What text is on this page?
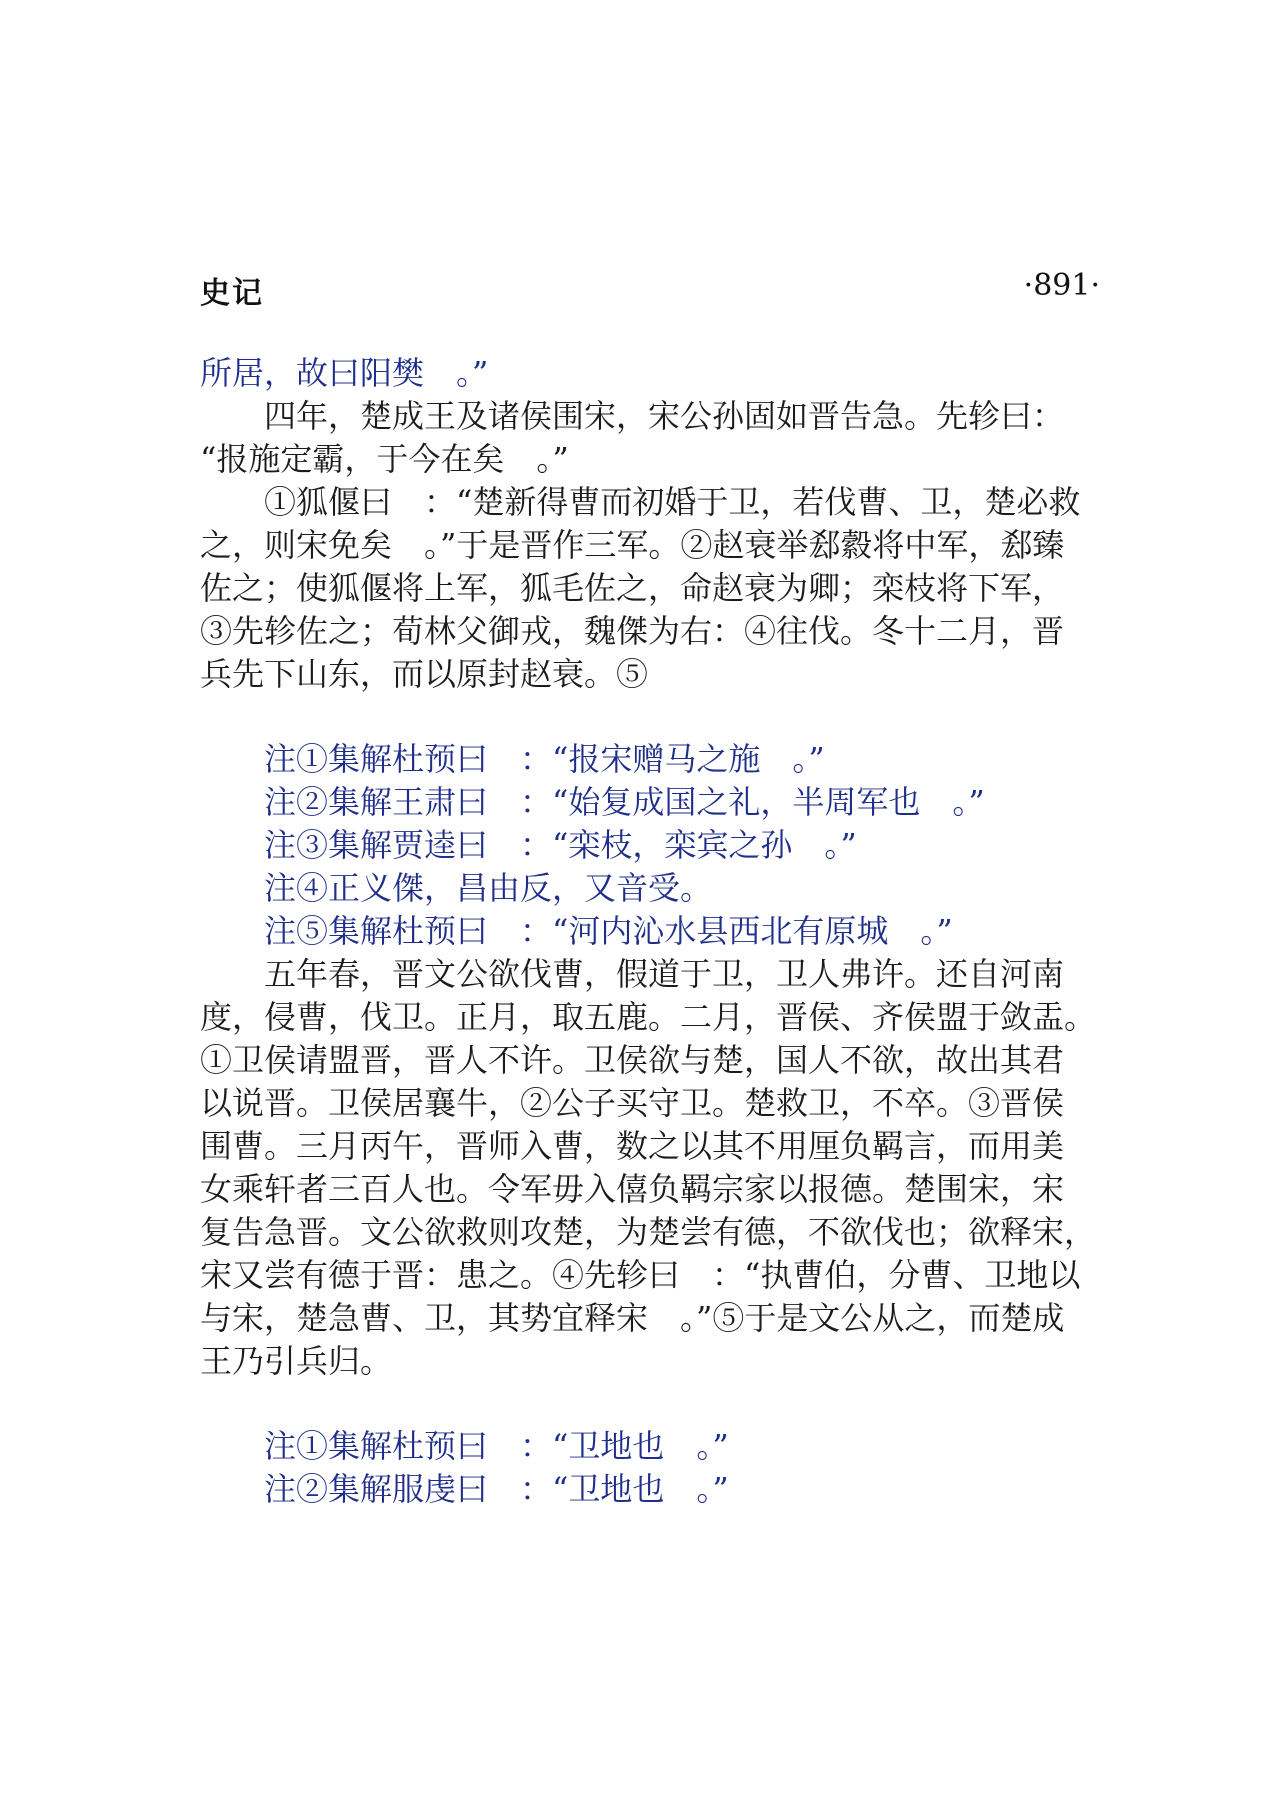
史记	·891·
所居，故曰阳樊　。”
四年，楚成王及诸侯围宋，宋公孙固如晋告急。先轸曰：
“报施定霸，于今在矣　。”
①狐偃曰　：“楚新得曹而初婚于卫，若伐曹、卫，楚必救
之，则宋免矣　。”于是晋作三军。②赵衰举郄縠将中军，郄臻
佐之；使狐偃将上军，狐毛佐之，命赵衰为卿；栾枝将下军，
③先轸佐之；荀林父御戎，魏傑为右：④往伐。冬十二月，晋
兵先下山东，而以原封赵衰。⑤
注①集解杜预曰　：“报宋赠马之施　。”
注②集解王肃曰　：“始复成国之礼，半周军也　。”
注③集解贾逵曰　：“栾枝，栾宾之孙　。”
注④正义傑，昌由反，又音受。
注⑤集解杜预曰　：“河内沁水县西北有原城　。”
五年春，晋文公欲伐曹，假道于卫，卫人弗许。还自河南
度，侵曹，伐卫。正月，取五鹿。二月，晋侯、齐侯盟于敛盂。
①卫侯请盟晋，晋人不许。卫侯欲与楚，国人不欲，故出其君
以说晋。卫侯居襄牛，②公子买守卫。楚救卫，不卒。③晋侯
围曹。三月丙午，晋师入曹，数之以其不用厘负羁言，而用美
女乘轩者三百人也。令军毋入僖负羁宗家以报德。楚围宋，宋
复告急晋。文公欲救则攻楚，为楚尝有德，不欲伐也；欲释宋，
宋又尝有德于晋：患之。④先轸曰　：“执曹伯，分曹、卫地以
与宋，楚急曹、卫，其势宜释宋　。”⑤于是文公从之，而楚成
王乃引兵归。
注①集解杜预曰　：“卫地也　。”
注②集解服虔曰　：“卫地也　。”
